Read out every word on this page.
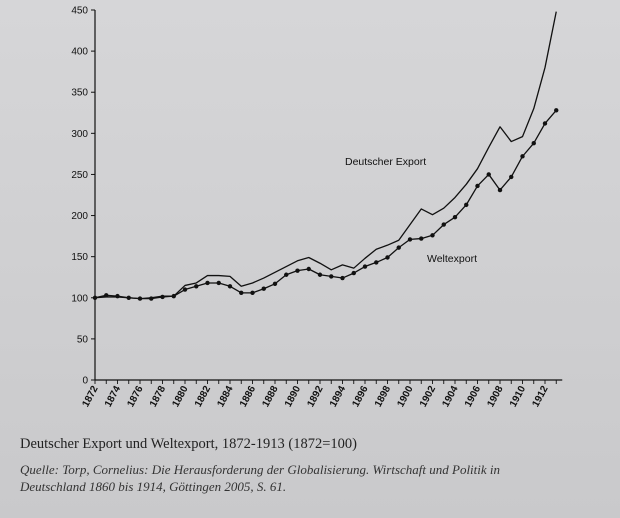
0
50
100
150
200
250
300
350
400
450
1872 1874 1876 1878 1880 1882 1884 1886 1888 1890 1892 1894 1896 1898 1900 1902 1904 1906 1908 1910 1912
Deutscher Export
Weltexport
Deutscher Export und Weltexport, 1872-1913 (1872=100)
Quelle: Torp, Cornelius: Die Herausforderung der Globalisierung. Wirtschaft und Politik in
Deutschland 1860 bis 1914, Göttingen 2005, S. 61.
